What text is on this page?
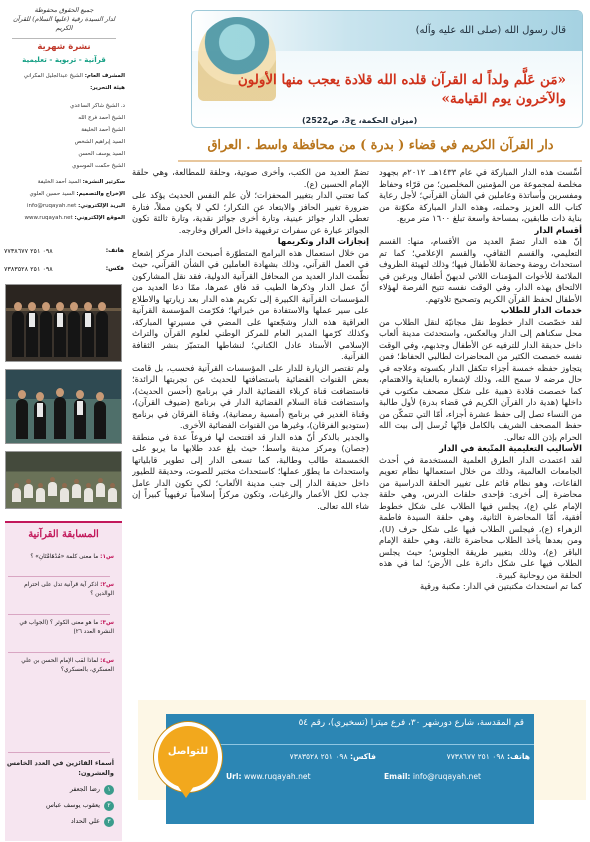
جميع الحقوق محفوظة
لدار السيدة رقية (عليها السلام) للقرآن الكريم
نشرة شهرية
قرآنية - تربوية - تعليمية
المشرف العام: الشيخ عبدالجليل المكراني
هيئة التحرير:
د. الشيخ شاكر الساعدي
الشيخ أحمد فرج الله
الشيخ أحمد الخليفة
السيد إبراهيم الشخص
السيد يوسف الحسن
الشيخ حكمت الموسوي
سكرتير النشرة: السيد أحمد الخليفة
الإخراج والتصميم: السيد حسين العلوي
البريد الإلكتروني: info@ruqayah.net
الموقع الإلكتروني: www.ruqayah.net
هاتف:
٠٩٨ ٢٥١ ٧٧٣٨٦٧٧
فكس:
٠٩٨ ٢٥١ ٧٣٨٣٥٢٨
المسابقة القرآنية
س١: ما معنى كلمة «مُدْهَامَّتَانِ» ؟
س٢: اذكر آية قرآنية تدل على احترام الوالدين ؟
س٣: ما هو معنى الكوثر ؟ (الجواب في النشرة العدد ٢٦)
س٤: لماذا لقب الإمام الحسن بن علي العسكري، بالعسكري؟
أسماء الفائزين في العدد الخامس والعشرون:
١رضا الجعفر
٢يعقوب يوسف عباس
٣علي الحداد
قال رسول الله (صلى الله عليه وآله)
«مَن عَلَّم ولداً له القرآن قلده الله قلادة يعجب منها الأولون والآخرون يوم القيامة»
(ميزان الحكمة، ج3، ص2522)
دار القرآن الكريم في قضاء ( بدرة ) من محافظة واسط . العراق

أُسِّست هذه الدار المباركة في عام ١٤٣٣هـ. ٢٠١٢م بجهود مخلصة لمجموعة من المؤمنين المخلصين؛ من قرّاء وحفاظ ومفسرين وأساتذة وعاملين في الشأن القرآني؛ لأجل رعاية كتاب الله العزيز وحملته، وهذه الدار المباركة مكوّنة من بناية ذات طابقين، بمساحة واسعة تبلغ ١٦٠٠ متر مربع.

أقسام الدار

إنّ هذه الدار تضمّ العديد من الأقسام، منها: القسم التعليمي، والقسم الثقافي، والقسم الإعلامي؛ كما تم استحداث روضة وحضانة للأطفال فيها؛ وذلك لتهيئة الظروف الملائمة للأخوات المؤمنات اللاتي لديهنّ أطفال ويرغبن في الالتحاق بهذه الدار، وفي الوقت نفسه تتيح الفرصة لهؤلاء الأطفال لحفظ القرآن الكريم وتصحيح تلاوتهم.

خدمات الدار للطلاب

لقد خصّصت الدار خطوط نقل مجانيّة لنقل الطلاب من محل سكناهم إلى الدار وبالعكس، واستحدثت مدينة ألعاب داخل حديقة الدار للترفيه عن الأطفال وجذبهم، وفي الوقت نفسه خصصت الكثير من المحاضرات لطالبي الحفاظ؛ فمن يتجاوز حفظه خمسة أجزاء تتكفل الدار بكسوته وعلاجه في حال مرضه لا سمح الله، وذلك لإشعاره بالعناية والاهتمام، كما خصصت قلادة ذهبية على شكل مصحف مكتوب في داخلها (هدية دار القرآن الكريم في قضاء بدرة) لأول طالبة من النساء تصل إلى حفظ عشرة أجزاء، أمّا التي تتمكّن من حفظ المصحف الشريف بالكامل فإنّها تُرسل إلى بيت الله الحرام بإذن الله تعالى.

الأساليب التعليمية المتّبعة في الدار

لقد اعتمدت الدار الطرق العلمية المستخدمة في أحدث الجامعات العالمية، وذلك من خلال استعمالها نظام تعويم القاعات، وهو نظام قائم على تغيير الحلقة الدراسية من محاضرة إلى أخرى: فإحدى حلقات الدرس، وهي حلقة الإمام علي (ع)، يجلس فيها الطلاب على شكل خطوط أفقية، أمّا المحاضرة الثانية، وهي حلقة السيدة فاطمة الزهراء (ع)، فيجلس الطلاب فيها على شكل حرف (U)، ومن بعدها يأخذ الطلاب محاضرة ثالثة، وهي حلقة الإمام الباقر (ع)، وذلك بتغيير طريقة الجلوس؛ حيث يجلس الطلاب فيها على شكل دائرة على الأرض؛ لما في هذه الحلقة من روحانية كبيرة.

كما تم استحداث مكتبتين في الدار: مكتبة ورقية

تضمّ العديد من الكتب، وأخرى صوتية، وحلقة للمطالعة، وهي حلقة الإمام الحسين (ع).

كما تعتني الدار بتغيير المحفزات؛ لأن علم النفس الحديث يؤكد على ضرورة تغيير الحافز والابتعاد عن التكرار؛ لكي لا يكون مملاً، فتارة تعطي الدار جوائز عينية، وتارة أخرى جوائز نقدية، وتارة ثالثة تكون الجوائز عبارة عن سفرات ترفيهية داخل العراق وخارجه.

إنجازات الدار وتكريمها

من خلال استعمال هذه البرامج المتطوّرة أصبحت الدار مركز إشعاع في العمل القرآني، وذلك بشهادة العاملين في الشأن القرآني، حيث نظّمت الدار العديد من المحافل القرآنية الدولية، فقد نقل المشاركون أنّ عمل الدار وذكرها الطيب قد فاق عمرها، ممّا دعا العديد من المؤسسات القرآنية الكبيرة إلى تكريم هذه الدار بعد زيارتها والاطلاع على سير عملها والاستفادة من خبراتها؛ فكرّمت المؤسسة القرآنية العراقية هذه الدار وشجّعتها على المضي في مسيرتها المباركة، وكذلك كرّمها المدير العام للمركز الوطني لعلوم القرآن والتراث الإسلامي الأستاذ عادل الكناني؛ لنشاطها المتميّز بنشر الثقافة القرآنية.

ولم تقتصر الزيارة للدار على المؤسسات القرآنية فحسب، بل قامت بعض القنوات الفضائية باستضافتها للحديث عن تجربتها الرائدة؛ فاستضافت قناة كربلاء الفضائية الدار في برنامج (أحسن الحديث)، واستضافت قناة السلام الفضائية الدار في برنامج (ضيوف القرآن)، وقناة الغدير في برنامج (أمسية رمضانية)، وقناة الفرقان في برنامج (ستوديو الفرقان)، وغيرها من القنوات الفضائية الأخرى.

والجدير بالذكر أنّ هذه الدار قد افتتحت لها فروعاً عدة في منطقة (جصان) ومركز مدينة واسط؛ حيث بلغ عدد طلابها ما يربو على الخمسمئة طالب وطالبة، كما تسعى الدار إلى تطوير قابلياتها واستحداث ما يطوّر عملها؛ كاستحداث مختبر للصوت، وحديقة للطيور داخل حديقة الدار إلى جنب مدينة الألعاب؛ لكي تكون الدار عامل جذب لكل الأعمار والرغبات، وتكون مركزاً إسلامياً ترفيهياً كبيراً إن شاء الله تعالى.

قم المقدسة، شارع دورشهر ٣٠، فرع ميترا (تسخيري)، رقم ٥٤
هاتف: ٠٩٨ ٢٥١ ٧٧٣٨٦٧٧
فاكس: ٠٩٨ ٢٥١ ٧٣٨٣٥٢٨
Url: www.ruqayah.net	Email: info@ruqayah.net
للتواصل
